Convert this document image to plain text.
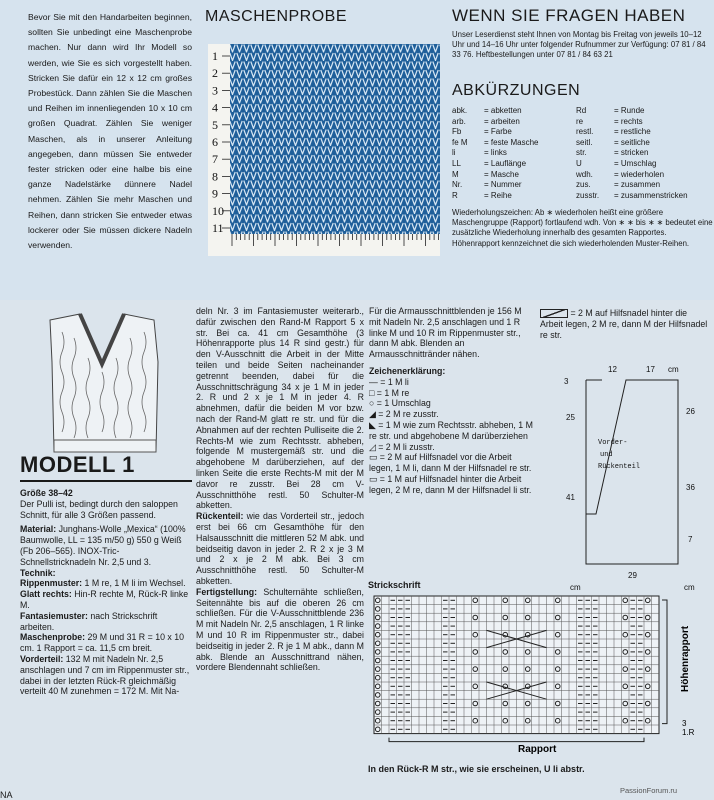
Bevor Sie mit den Handarbeiten beginnen, sollten Sie unbedingt eine Maschenprobe machen. Nur dann wird Ihr Modell so werden, wie Sie es sich vorgestellt haben. Stricken Sie dafür ein 12 x 12 cm großes Probestück. Dann zählen Sie die Maschen und Reihen im innenliegenden 10 x 10 cm großen Quadrat. Zählen Sie weniger Maschen, als in unserer Anleitung angegeben, dann müssen Sie entweder fester stricken oder eine halbe bis eine ganze Nadelstärke dünnere Nadel nehmen. Zählen Sie mehr Maschen und Reihen, dann stricken Sie entweder etwas lockerer oder Sie müssen dickere Nadeln verwenden.
MASCHENPROBE
1
2
3
4
5
6
7
8
9
10
11
WENN SIE FRAGEN HABEN
Unser Leserdienst steht Ihnen von Montag bis Freitag von jeweils 10–12 Uhr und 14–16 Uhr unter folgender Rufnummer zur Verfügung: 07 81 / 84 33 76. Heftbestellungen unter 07 81 / 84 63 21
ABKÜRZUNGEN
abk.	= abketten	Rd	= Runde
arb.	= arbeiten	re	= rechts
Fb	= Farbe	restl.	= restliche
fe M	= feste Masche	seitl.	= seitliche
li	= links	str.	= stricken
LL	= Lauflänge	U	= Umschlag
M	= Masche	wdh.	= wiederholen
Nr.	= Nummer	zus.	= zusammen
R	= Reihe	zusstr.	= zusammenstricken
Wiederholungszeichen: Ab ∗ wiederholen heißt eine größere Maschengruppe (Rapport) fortlaufend wdh. Von ∗ ∗ bis ∗ ∗ bedeutet eine zusätzliche Wiederholung innerhalb des gesamten Rapportes. Höhenrapport kennzeichnet die sich wiederholenden Muster-Reihen.
MODELL 1

Größe 38–42

Der Pulli ist, bedingt durch den saloppen Schnitt, für alle 3 Größen passend.

Material: Junghans-Wolle „Mexica“ (100% Baumwolle, LL = 135 m/50 g) 550 g Weiß (Fb 206–565). INOX-Tric-Schnellstricknadeln Nr. 2,5 und 3.

Technik:

Rippenmuster: 1 M re, 1 M li im Wechsel.

Glatt rechts: Hin-R rechte M, Rück-R linke M.

Fantasiemuster: nach Strickschrift arbeiten.

Maschenprobe: 29 M und 31 R = 10 x 10 cm. 1 Rapport = ca. 11,5 cm breit.

Vorderteil: 132 M mit Nadeln Nr. 2,5 anschlagen und 7 cm im Rippenmuster str., dabei in der letzten Rück-R gleichmäßig verteilt 40 M zunehmen = 172 M. Mit Na-

deln Nr. 3 im Fantasiemuster weiterarb., dafür zwischen den Rand-M Rapport 5 x str. Bei ca. 41 cm Gesamthöhe (3 Höhenrapporte plus 14 R sind gestr.) für den V-Ausschnitt die Arbeit in der Mitte teilen und beide Seiten nacheinander getrennt beenden, dabei für die Ausschnittschrägung 34 x je 1 M in jeder 2. R und 2 x je 1 M in jeder 4. R abnehmen, dafür die beiden M vor bzw. nach der Rand-M glatt re str. und für die Abnahmen auf der rechten Pulliseite die 2. Rechts-M wie zum Rechtsstr. abheben, folgende M mustergemäß str. und die abgehobene M darüberziehen, auf der linken Seite die erste Rechts-M mit der M davor re zusstr. Bei 28 cm V-Ausschnitthöhe restl. 50 Schulter-M abketten.

Rückenteil: wie das Vorderteil str., jedoch erst bei 66 cm Gesamthöhe für den Halsausschnitt die mittleren 52 M abk. und beidseitig davon in jeder 2. R 2 x je 3 M und 2 x je 2 M abk. Bei 3 cm Ausschnitthöhe restl. 50 Schulter-M abketten.

Fertigstellung: Schulternähte schließen, Seitennähte bis auf die oberen 26 cm schließen. Für die V-Ausschnittblende 236 M mit Nadeln Nr. 2,5 anschlagen, 1 R linke M und 10 R im Rippenmuster str., dabei beidseitig in jeder 2. R je 1 M abk., dann M abk. Blende an Ausschnittrand nähen, vordere Blendennaht schließen.

Für die Armausschnittblenden je 156 M mit Nadeln Nr. 2,5 anschlagen und 1 R linke M und 10 R im Rippenmuster str., dann M abk. Blenden an Armausschnittränder nähen.

Zeichenerklärung:

— = 1 M li

□ = 1 M re

○ = 1 Umschlag

◢ = 2 M re zusstr.

◣ = 1 M wie zum Rechtsstr. abheben, 1 M re str. und abgehobene M darüberziehen

◿ = 2 M li zusstr.

▭ = 2 M auf Hilfsnadel vor die Arbeit legen, 1 M li, dann M der Hilfsnadel re str.

▭ = 1 M auf Hilfsnadel hinter die Arbeit legen, 2 M re, dann M der Hilfsnadel li str.

= 2 M auf Hilfsnadel hinter die Arbeit legen, 2 M re, dann M der Hilfsnadel re str.

12	17 cm
3
25
26
41
36
7
29
cm	cm
Vorder-
und
Rückenteil
Strickschrift
Rapport
Höhenrapport
3
1.R
In den Rück-R M str., wie sie erscheinen, U li abstr.
PassionForum.ru
NA
